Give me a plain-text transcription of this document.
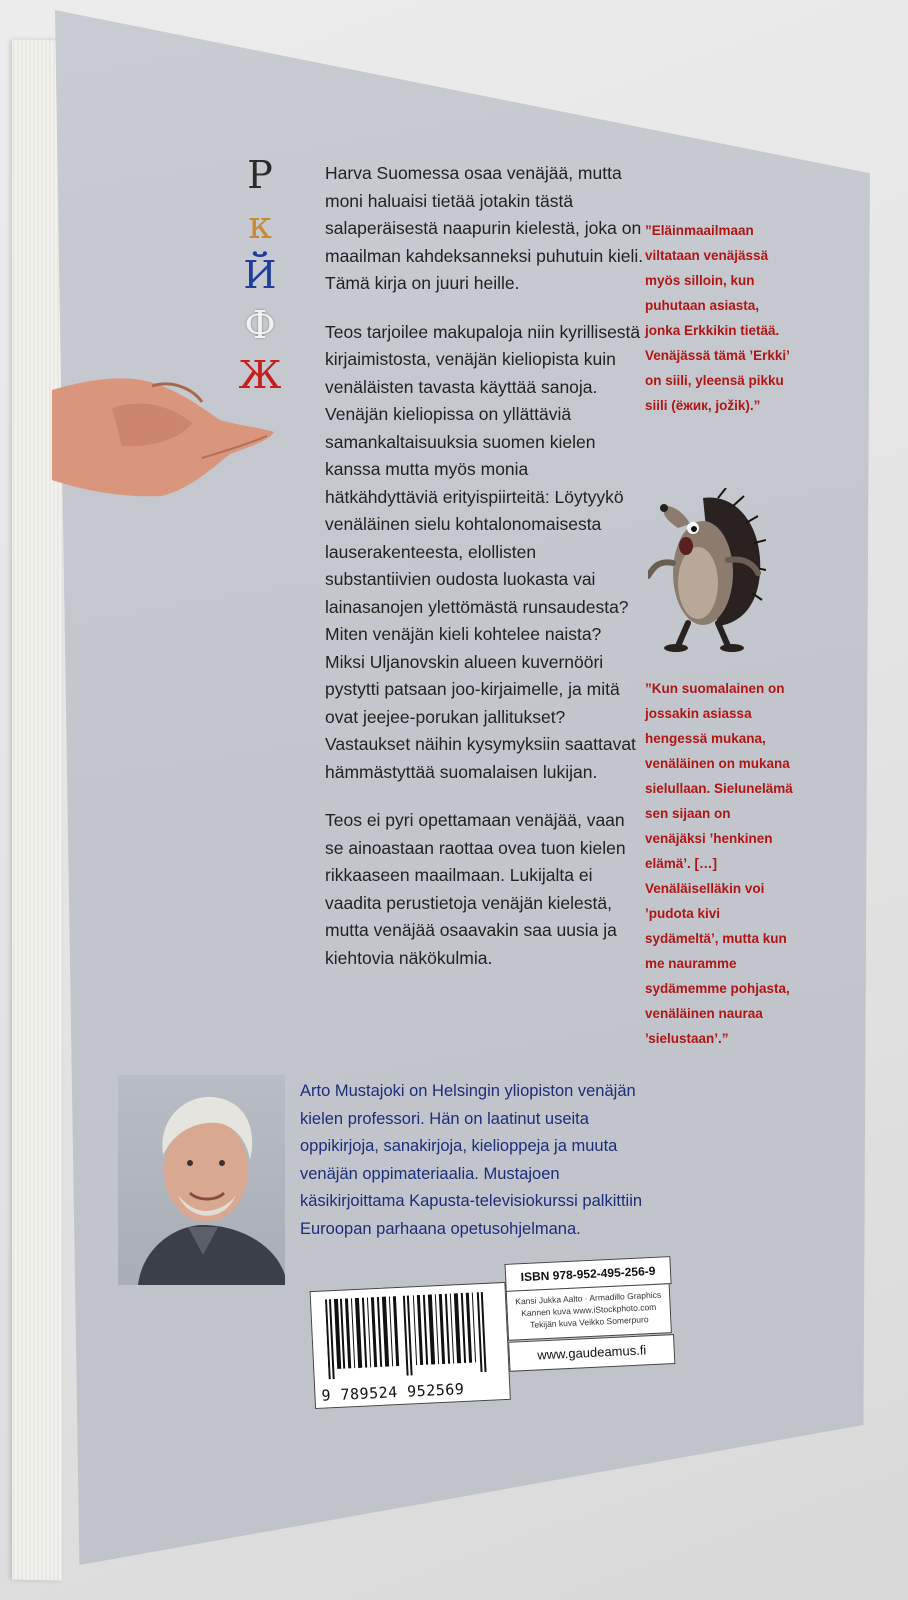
Р
к
Й
Ф
Ж

Harva Suomessa osaa venäjää, mutta moni haluaisi tietää jotakin tästä salaperäisestä naapurin kielestä, joka on maailman kahdeksanneksi puhutuin kieli. Tämä kirja on juuri heille.

Teos tarjoilee makupaloja niin kyrillisestä kirjaimistosta, venäjän kieliopista kuin venäläisten tavasta käyttää sanoja. Venäjän kieliopissa on yllättäviä samankaltaisuuksia suomen kielen kanssa mutta myös monia hätkähdyttäviä erityispiirteitä: Löytyykö venäläinen sielu kohtalonomaisesta lauserakenteesta, elollisten substantiivien oudosta luokasta vai lainasanojen ylettömästä runsaudesta? Miten venäjän kieli kohtelee naista? Miksi Uljanovskin alueen kuvernööri pystytti patsaan joo-kirjaimelle, ja mitä ovat jeejee-porukan jallitukset? Vastaukset näihin kysymyksiin saattavat hämmästyttää suomalaisen lukijan.

Teos ei pyri opettamaan venäjää, vaan se ainoastaan raottaa ovea tuon kielen rikkaaseen maailmaan. Lukijalta ei vaadita perustietoja venäjän kielestä, mutta venäjää osaavakin saa uusia ja kiehtovia näkökulmia.

”Eläinmaailmaan viltataan venäjässä myös silloin, kun puhutaan asiasta, jonka Erkkikin tietää. Venäjässä tämä ’Erkki’ on siili, yleensä pikku siili (ёжик, jožik).”
”Kun suomalainen on jossakin asiassa hengessä mukana, venäläinen on mukana sielullaan. Sielunelämä sen sijaan on venäjäksi ’henkinen elämä’. […] Venäläiselläkin voi ’pudota kivi sydämeltä’, mutta kun me nauramme sydämemme pohjasta, venäläinen nauraa ’sielustaan’.”
Arto Mustajoki on Helsingin yliopiston venäjän kielen professori. Hän on laatinut useita oppikirjoja, sanakirjoja, kielioppeja ja muuta venäjän oppimateriaalia. Mustajoen käsikirjoittama Kapusta-televisiokurssi palkittiin Euroopan parhaana opetusohjelmana.
9 789524 952569
ISBN 978-952-495-256-9
Kansi Jukka Aalto · Armadillo Graphics
Kannen kuva www.iStockphoto.com
Tekijän kuva Veikko Somerpuro
www.gaudeamus.fi
